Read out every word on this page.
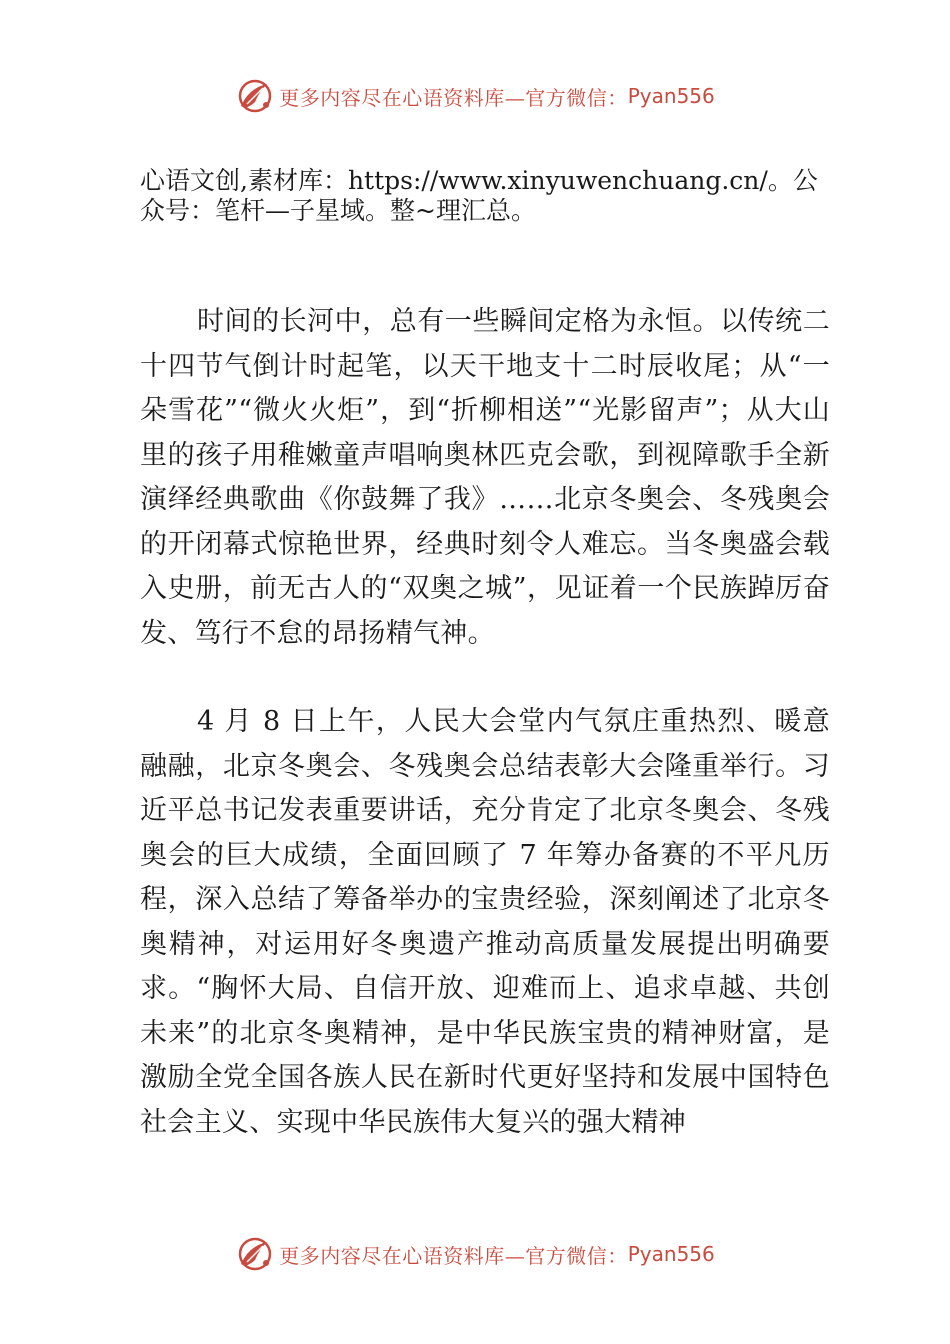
更多内容尽在心语资料库—官方微信： Pyan556

心语文创,素材库：https://www.xinyuwenchuang.cn/。公众号：笔杆—子星域。整~理汇总。

时间的长河中，总有一些瞬间定格为永恒。以传统二十四节气倒计时起笔，以天干地支十二时辰收尾；从“一朵雪花”“微火火炬”，到“折柳相送”“光影留声”；从大山里的孩子用稚嫩童声唱响奥林匹克会歌，到视障歌手全新演绎经典歌曲《你鼓舞了我》……北京冬奥会、冬残奥会的开闭幕式惊艳世界，经典时刻令人难忘。当冬奥盛会载入史册，前无古人的“双奥之城”，见证着一个民族踔厉奋发、笃行不怠的昂扬精气神。

4 月 8 日上午，人民大会堂内气氛庄重热烈、暖意融融，北京冬奥会、冬残奥会总结表彰大会隆重举行。习近平总书记发表重要讲话，充分肯定了北京冬奥会、冬残奥会的巨大成绩，全面回顾了 7 年筹办备赛的不平凡历程，深入总结了筹备举办的宝贵经验，深刻阐述了北京冬奥精神，对运用好冬奥遗产推动高质量发展提出明确要求。“胸怀大局、自信开放、迎难而上、追求卓越、共创未来”的北京冬奥精神，是中华民族宝贵的精神财富，是激励全党全国各族人民在新时代更好坚持和发展中国特色社会主义、实现中华民族伟大复兴的强大精神

更多内容尽在心语资料库—官方微信： Pyan556
